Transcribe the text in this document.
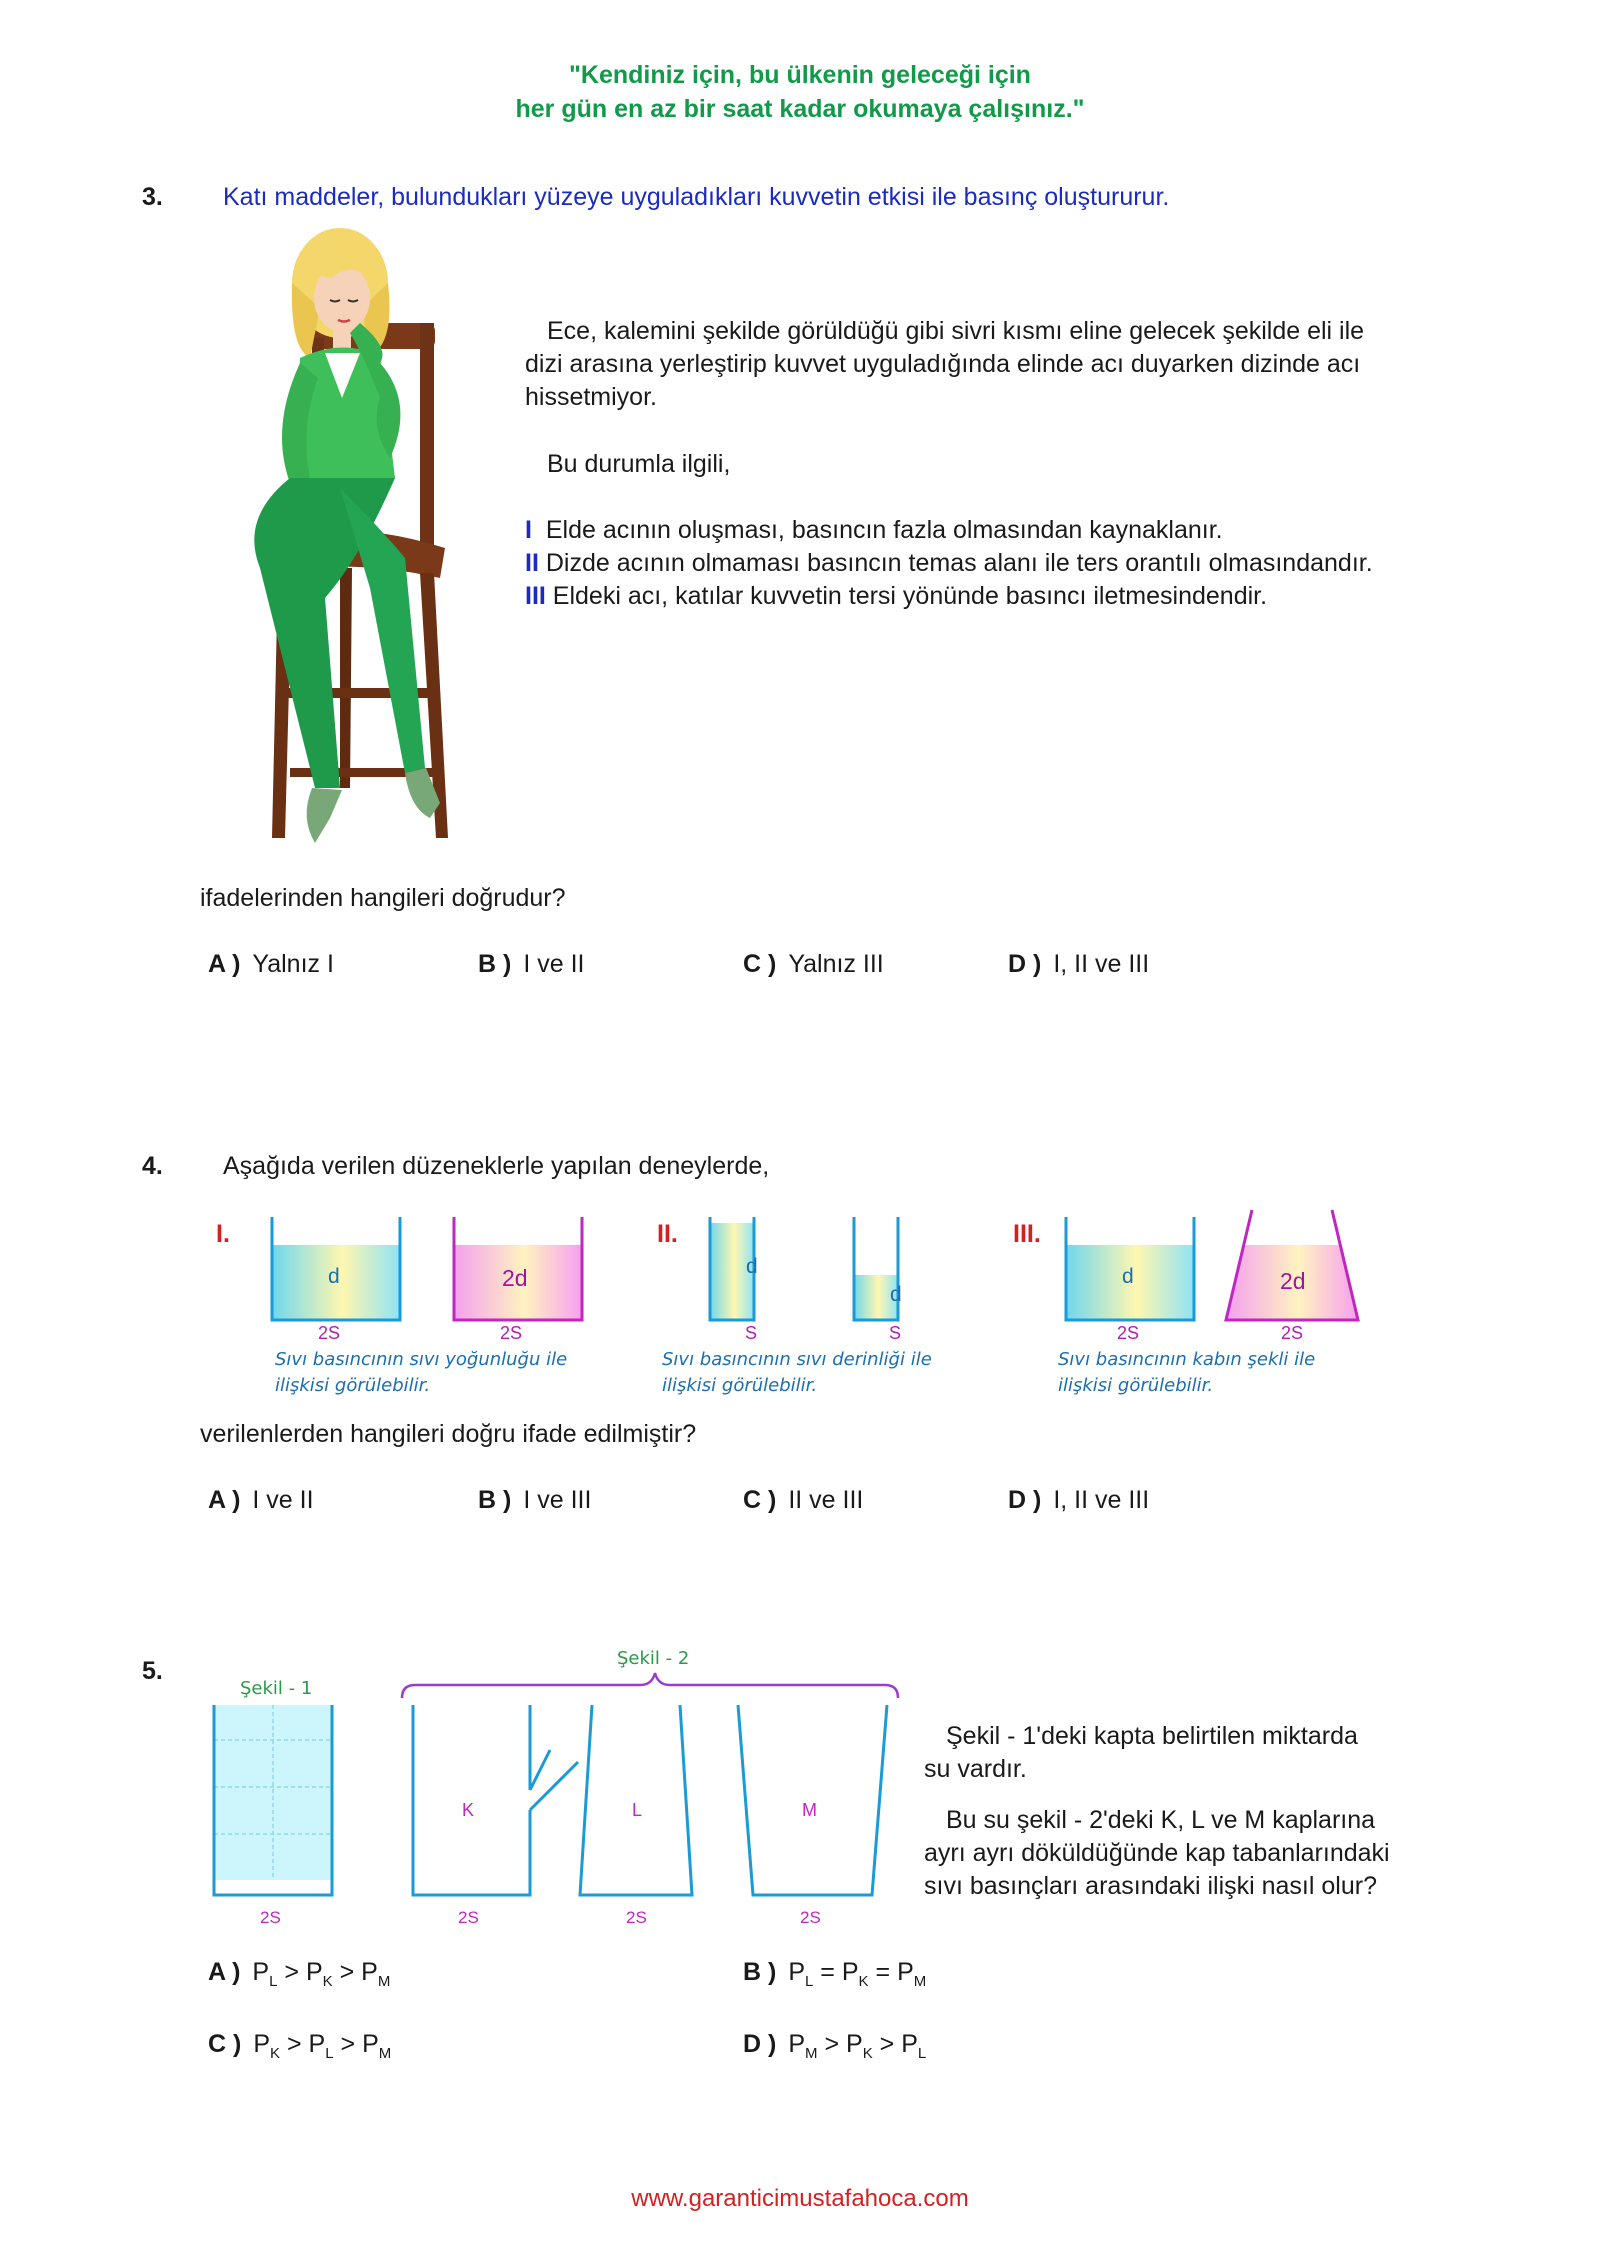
"Kendiniz için, bu ülkenin geleceği için
her gün en az bir saat kadar okumaya çalışınız."
3. Katı maddeler, bulundukları yüzeye uyguladıkları kuvvetin etkisi ile basınç oluştururur.
Ece, kalemini şekilde görüldüğü gibi sivri kısmı eline gelecek şekilde eli ile
dizi arasına yerleştirip kuvvet uyguladığında elinde acı duyarken dizinde acı
hissetmiyor.
Bu durumla ilgili,
I Elde acının oluşması, basıncın fazla olmasından kaynaklanır.
II Dizde acının olmaması basıncın temas alanı ile ters orantılı olmasındandır.
III Eldeki acı, katılar kuvvetin tersi yönünde basıncı iletmesindendir.
ifadelerinden hangileri doğrudur?
A ) Yalnız I	B ) I ve II	C ) Yalnız III	D ) I, II ve III
4. Aşağıda verilen düzeneklerle yapılan deneylerde,
I.	II.	III.
d	2d	d
d
d	2d
2S	2S	S	S	2S	2S
Sıvı basıncının sıvı yoğunluğu ile
ilişkisi görülebilir.
Sıvı basıncının sıvı derinliği ile
ilişkisi görülebilir.
Sıvı basıncının kabın şekli ile
ilişkisi görülebilir.
verilenlerden hangileri doğru ifade edilmiştir?
A ) I ve II	B ) I ve III	C ) II ve III	D ) I, II ve III
5.
Şekil - 1
Şekil - 2
K	L	M
2S	2S	2S	2S
Şekil - 1'deki kapta belirtilen miktarda
su vardır.
Bu su şekil - 2'deki K, L ve M kaplarına
ayrı ayrı döküldüğünde kap tabanlarındaki
sıvı basınçları arasındaki ilişki nasıl olur?
A ) $P_L > P_K > P_M$	B ) $P_L = P_K = P_M$
C ) $P_K > P_L > P_M$	D ) $P_M > P_K > P_L$
www.garanticimustafahoca.com
